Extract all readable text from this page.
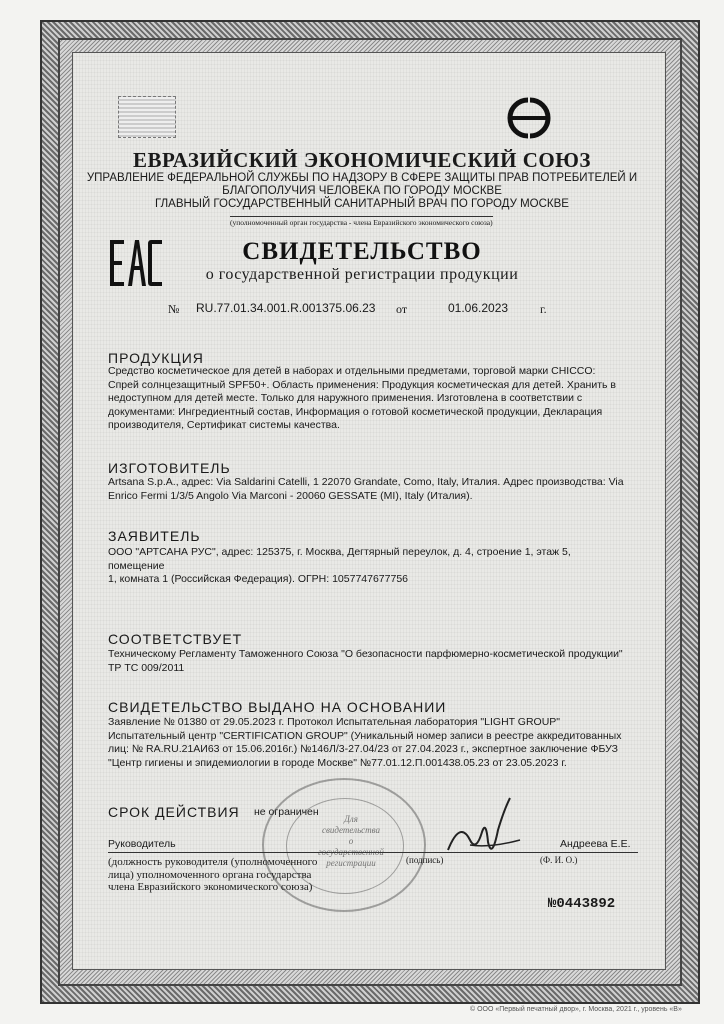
ЕВРАЗИЙСКИЙ ЭКОНОМИЧЕСКИЙ СОЮЗ
УПРАВЛЕНИЕ ФЕДЕРАЛЬНОЙ СЛУЖБЫ ПО НАДЗОРУ В СФЕРЕ ЗАЩИТЫ ПРАВ ПОТРЕБИТЕЛЕЙ И
БЛАГОПОЛУЧИЯ ЧЕЛОВЕКА ПО ГОРОДУ МОСКВЕ
ГЛАВНЫЙ ГОСУДАРСТВЕННЫЙ САНИТАРНЫЙ ВРАЧ ПО ГОРОДУ МОСКВЕ
(уполномоченный орган государства - члена Евразийского экономического союза)
СВИДЕТЕЛЬСТВО
о государственной регистрации продукции
№ RU.77.01.34.001.R.001375.06.23 от	01.06.2023	г.
ПРОДУКЦИЯ
Средство косметическое для детей в наборах и отдельными предметами, торговой марки CHICCO:
Спрей солнцезащитный SPF50+. Область применения: Продукция косметическая для детей. Хранить в
недоступном для детей месте. Только для наружного применения. Изготовлена в соответствии с
документами: Ингредиентный состав, Информация о готовой косметической продукции, Декларация
производителя, Сертификат системы качества.
ИЗГОТОВИТЕЛЬ
Artsana S.p.A., адрес: Via Saldarini Catelli, 1 22070 Grandate, Como, Italy, Италия. Адрес производства: Via
Enrico Fermi 1/3/5 Angolo Via Marconi - 20060 GESSATE (MI), Italy (Италия).
ЗАЯВИТЕЛЬ
ООО "АРТСАНА РУС", адрес: 125375, г. Москва, Дегтярный переулок, д. 4, строение 1, этаж 5, помещение
1, комната 1 (Российская Федерация). ОГРН: 1057747677756
СООТВЕТСТВУЕТ
Техническому Регламенту Таможенного Союза "О безопасности парфюмерно-косметической продукции"
ТР ТС 009/2011
СВИДЕТЕЛЬСТВО ВЫДАНО НА ОСНОВАНИИ
Заявление № 01380 от 29.05.2023 г. Протокол Испытательная лаборатория "LIGHT GROUP"
Испытательный центр "CERTIFICATION GROUP" (Уникальный номер записи в реестре аккредитованных
лиц: № RA.RU.21АИ63 от 15.06.2016г.) №146Л/3-27.04/23 от 27.04.2023 г., экспертное заключение ФБУЗ
"Центр гигиены и эпидемиологии в городе Москве" №77.01.12.П.001438.05.23 от 23.05.2023 г.
СРОК ДЕЙСТВИЯ не ограничен
Для
свидетельства
о государственной
регистрации
Руководитель	Андреева Е.Е.
(должность руководителя (уполномоченного
лица) уполномоченного органа государства
члена Евразийского экономического союза)
(подпись)	(Ф. И. О.)
№0443892
© ООО «Первый печатный двор», г. Москва, 2021 г., уровень «В»
